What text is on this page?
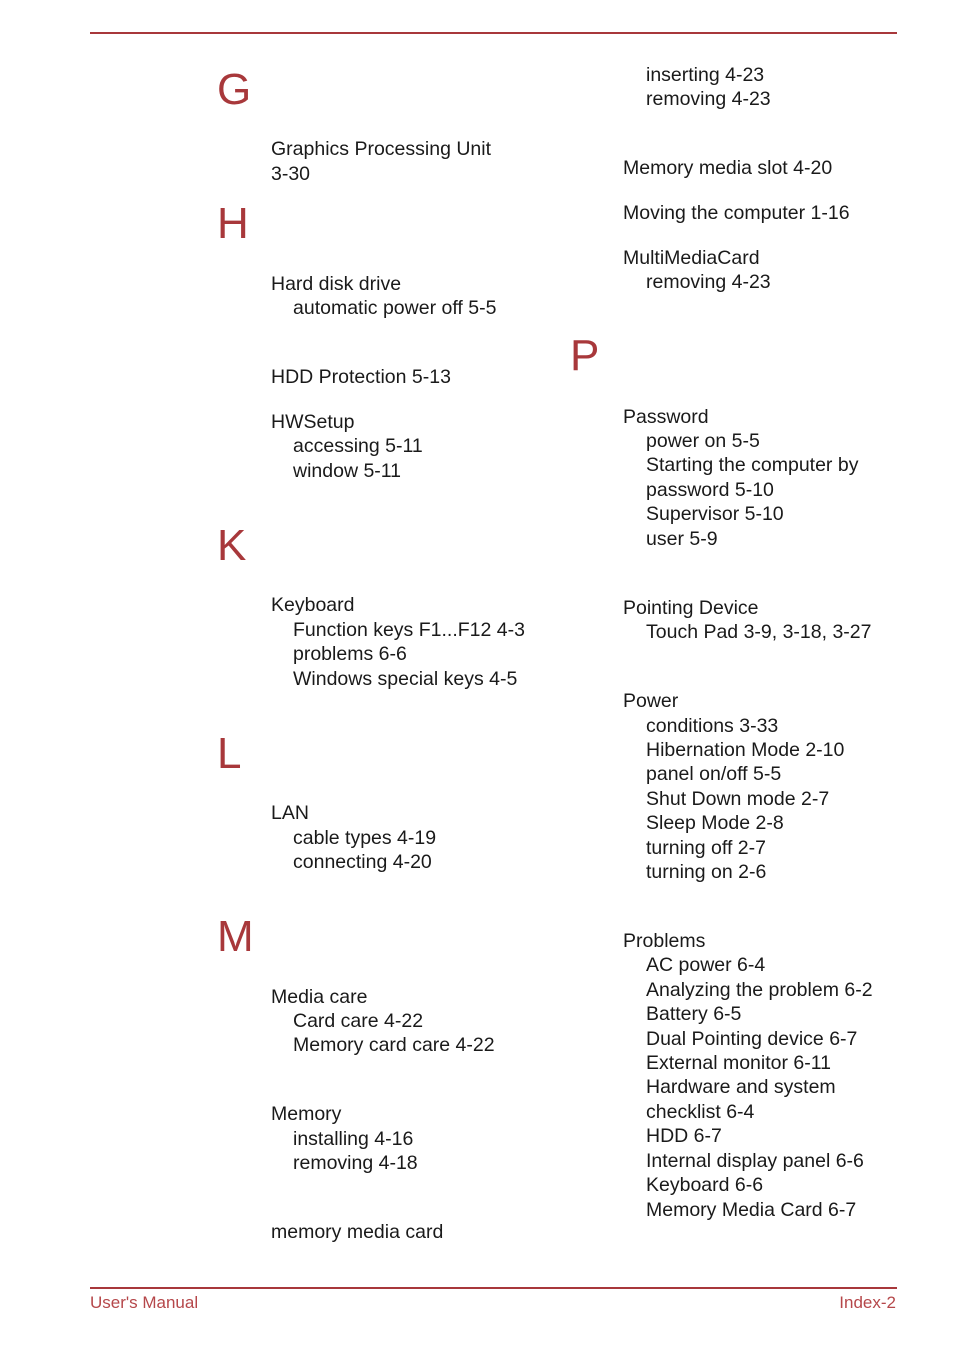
G
H
K
L
M
P
Graphics Processing Unit
3-30
Hard disk drive
automatic power off 5-5
HDD Protection 5-13
HWSetup
accessing 5-11
window 5-11
Keyboard
Function keys F1...F12 4-3
problems 6-6
Windows special keys 4-5
LAN
cable types 4-19
connecting 4-20
Media care
Card care 4-22
Memory card care 4-22
Memory
installing 4-16
removing 4-18
memory media card
inserting 4-23
removing 4-23
Memory media slot 4-20
Moving the computer 1-16
MultiMediaCard
removing 4-23
Password
power on 5-5
Starting the computer by
password 5-10
Supervisor 5-10
user 5-9
Pointing Device
Touch Pad 3-9, 3-18, 3-27
Power
conditions 3-33
Hibernation Mode 2-10
panel on/off 5-5
Shut Down mode 2-7
Sleep Mode 2-8
turning off 2-7
turning on 2-6
Problems
AC power 6-4
Analyzing the problem 6-2
Battery 6-5
Dual Pointing device 6-7
External monitor 6-11
Hardware and system
checklist 6-4
HDD 6-7
Internal display panel 6-6
Keyboard 6-6
Memory Media Card 6-7
User's Manual	Index-2
